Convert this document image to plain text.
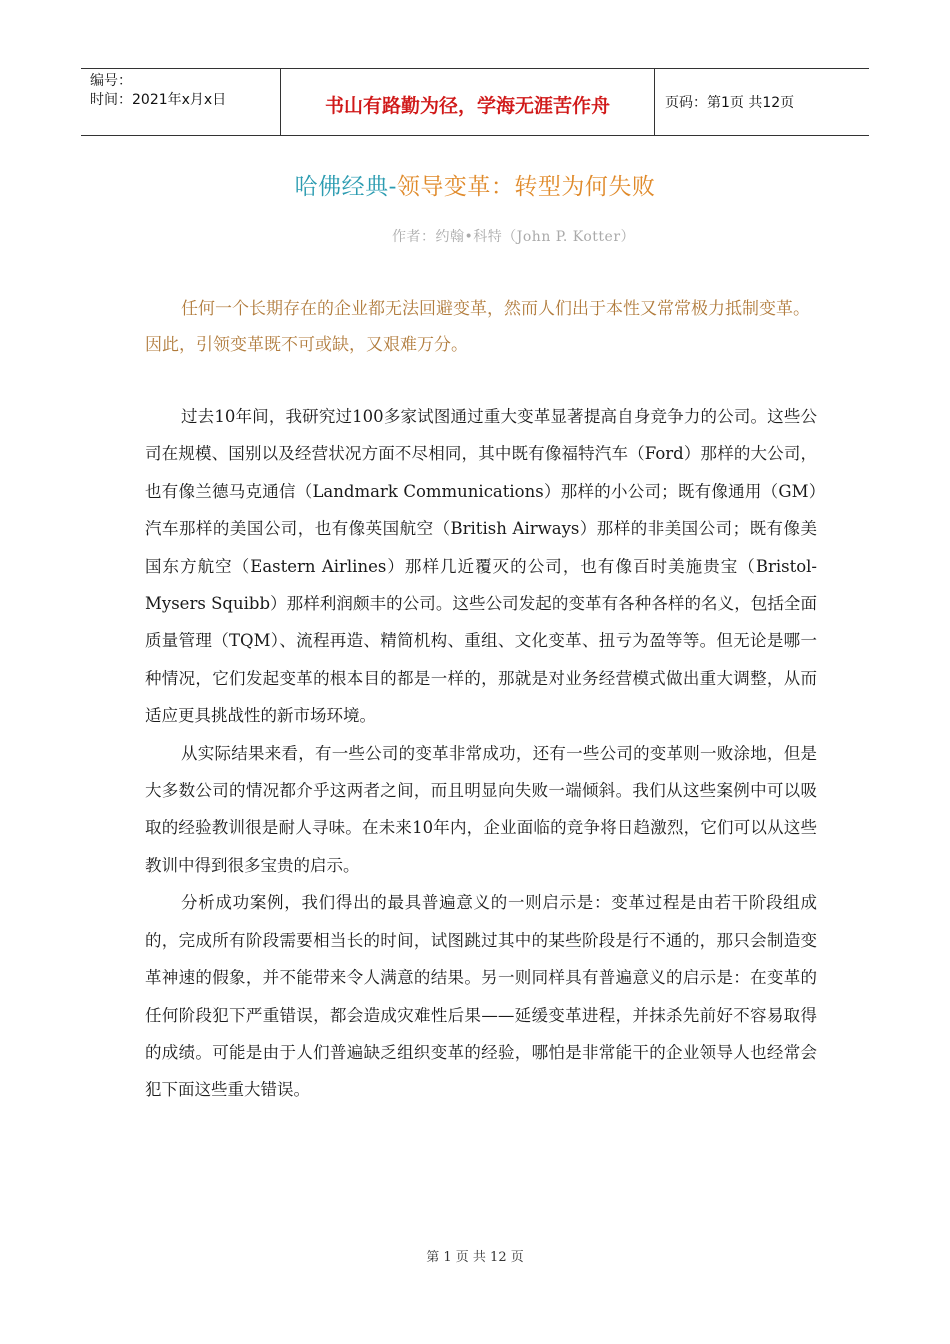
编号：
时间：2021年x月x日	书山有路勤为径，学海无涯苦作舟	页码：第1页 共12页
哈佛经典-领导变革：转型为何失败
作者：约翰•科特（John P. Kotter）

任何一个长期存在的企业都无法回避变革，然而人们出于本性又常常极力抵制变革。因此，引领变革既不可或缺，又艰难万分。

过去10年间，我研究过100多家试图通过重大变革显著提高自身竞争力的公司。这些公司在规模、国别以及经营状况方面不尽相同，其中既有像福特汽车（Ford）那样的大公司，也有像兰德马克通信（Landmark Communications）那样的小公司；既有像通用（GM）汽车那样的美国公司，也有像英国航空（British Airways）那样的非美国公司；既有像美国东方航空（Eastern Airlines）那样几近覆灭的公司，也有像百时美施贵宝（Bristol-Mysers Squibb）那样利润颇丰的公司。这些公司发起的变革有各种各样的名义，包括全面质量管理（TQM）、流程再造、精简机构、重组、文化变革、扭亏为盈等等。但无论是哪一种情况，它们发起变革的根本目的都是一样的，那就是对业务经营模式做出重大调整，从而适应更具挑战性的新市场环境。

从实际结果来看，有一些公司的变革非常成功，还有一些公司的变革则一败涂地，但是大多数公司的情况都介乎这两者之间，而且明显向失败一端倾斜。我们从这些案例中可以吸取的经验教训很是耐人寻味。在未来10年内，企业面临的竞争将日趋激烈，它们可以从这些教训中得到很多宝贵的启示。

分析成功案例，我们得出的最具普遍意义的一则启示是：变革过程是由若干阶段组成的，完成所有阶段需要相当长的时间，试图跳过其中的某些阶段是行不通的，那只会制造变革神速的假象，并不能带来令人满意的结果。另一则同样具有普遍意义的启示是：在变革的任何阶段犯下严重错误，都会造成灾难性后果——延缓变革进程，并抹杀先前好不容易取得的成绩。可能是由于人们普遍缺乏组织变革的经验，哪怕是非常能干的企业领导人也经常会犯下面这些重大错误。

第 1 页 共 12 页
